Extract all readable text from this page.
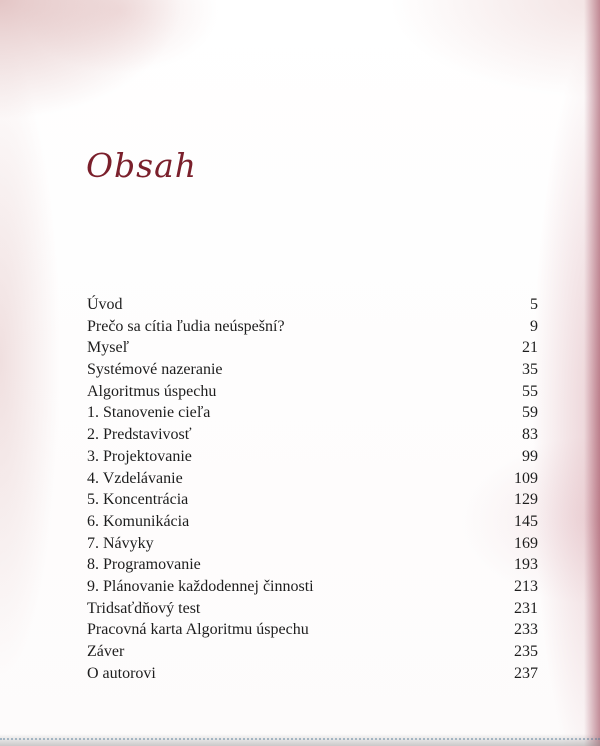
Obsah
Úvod	5
Prečo sa cítia ľudia neúspešní?	9
Myseľ	21
Systémové nazeranie	35
Algoritmus úspechu	55
1. Stanovenie cieľa	59
2. Predstavivosť	83
3. Projektovanie	99
4. Vzdelávanie	109
5. Koncentrácia	129
6. Komunikácia	145
7. Návyky	169
8. Programovanie	193
9. Plánovanie každodennej činnosti	213
Tridsaťdňový test	231
Pracovná karta Algoritmu úspechu	233
Záver	235
O autorovi	237
